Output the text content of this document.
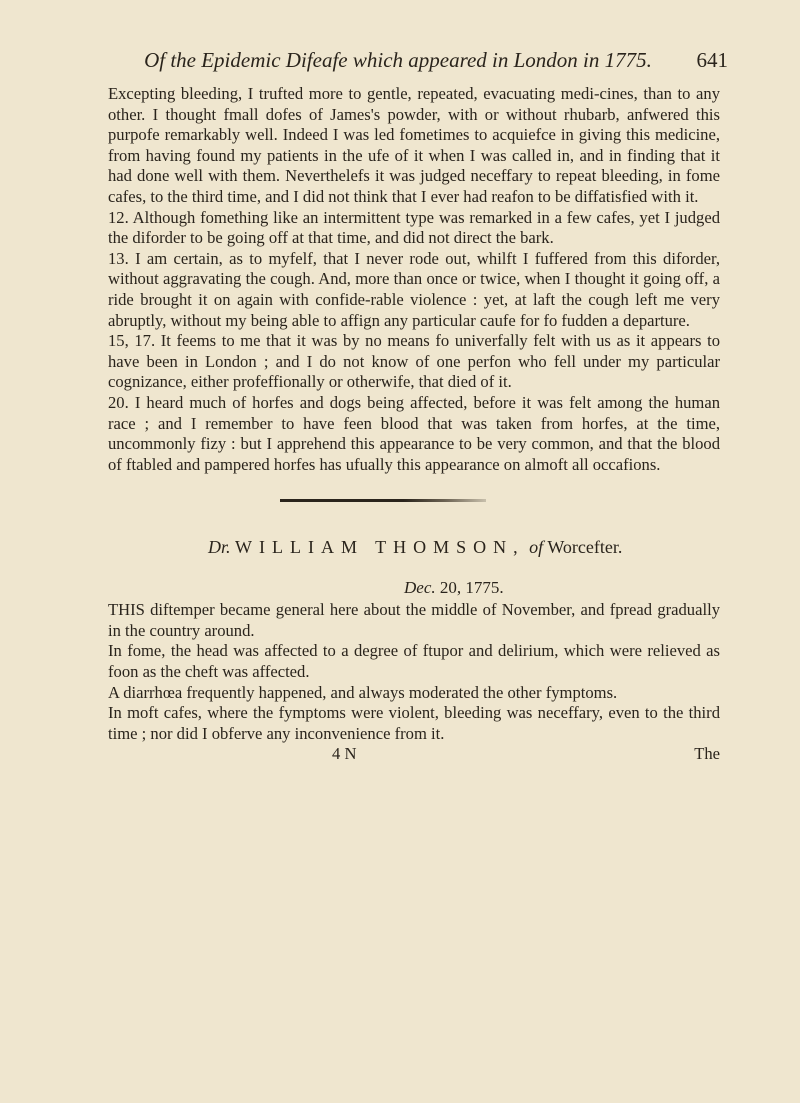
Of the Epidemic Difeafe which appeared in London in 1775.	641

Excepting bleeding, I trufted more to gentle, repeated, evacuating medi-cines, than to any other. I thought fmall dofes of James's powder, with or without rhubarb, anfwered this purpofe remarkably well. Indeed I was led fometimes to acquiefce in giving this medicine, from having found my patients in the ufe of it when I was called in, and in finding that it had done well with them. Neverthelefs it was judged neceffary to repeat bleeding, in fome cafes, to the third time, and I did not think that I ever had reafon to be diffatisfied with it.

12. Although fomething like an intermittent type was remarked in a few cafes, yet I judged the diforder to be going off at that time, and did not direct the bark.

13. I am certain, as to myfelf, that I never rode out, whilft I fuffered from this diforder, without aggravating the cough. And, more than once or twice, when I thought it going off, a ride brought it on again with confide-rable violence : yet, at laft the cough left me very abruptly, without my being able to affign any particular caufe for fo fudden a departure.

15, 17. It feems to me that it was by no means fo univerfally felt with us as it appears to have been in London ; and I do not know of one perfon who fell under my particular cognizance, either profeffionally or otherwife, that died of it.

20. I heard much of horfes and dogs being affected, before it was felt among the human race ; and I remember to have feen blood that was taken from horfes, at the time, uncommonly fizy : but I apprehend this appearance to be very common, and that the blood of ftabled and pampered horfes has ufually this appearance on almoft all occafions.

Dr. WILLIAM THOMSON, of Worcefter.
Dec. 20, 1775.

THIS diftemper became general here about the middle of November, and fpread gradually in the country around.

In fome, the head was affected to a degree of ftupor and delirium, which were relieved as foon as the cheft was affected.

A diarrhœa frequently happened, and always moderated the other fymptoms.

In moft cafes, where the fymptoms were violent, bleeding was neceffary, even to the third time ; nor did I obferve any inconvenience from it.

4 N	The
